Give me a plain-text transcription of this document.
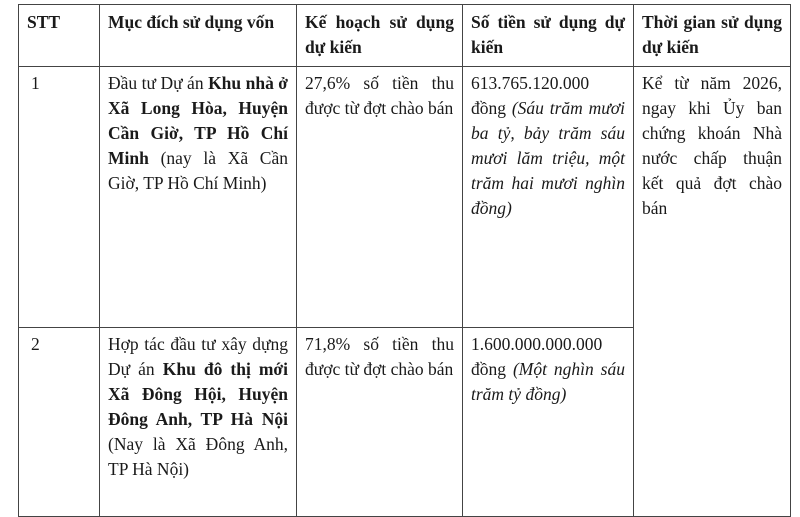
STT	Mục đích sử dụng vốn	Kế hoạch sử dụng dự kiến	Số tiền sử dụng dự kiến	Thời gian sử dụng dự kiến

1	Đầu tư Dự án Khu nhà ở Xã Long Hòa, Huyện Cần Giờ, TP Hồ Chí Minh (nay là Xã Cần Giờ, TP Hồ Chí Minh)	27,6% số tiền thu được từ đợt chào bán	613.765.120.000 đồng (Sáu trăm mươi ba tỷ, bảy trăm sáu mươi lăm triệu, một trăm hai mươi nghìn đồng)	Kể từ năm 2026, ngay khi Ủy ban chứng khoán Nhà nước chấp thuận kết quả đợt chào bán

2	Hợp tác đầu tư xây dựng Dự án Khu đô thị mới Xã Đông Hội, Huyện Đông Anh, TP Hà Nội (Nay là Xã Đông Anh, TP Hà Nội)	71,8% số tiền thu được từ đợt chào bán	1.600.000.000.000 đồng (Một nghìn sáu trăm tỷ đồng)	
